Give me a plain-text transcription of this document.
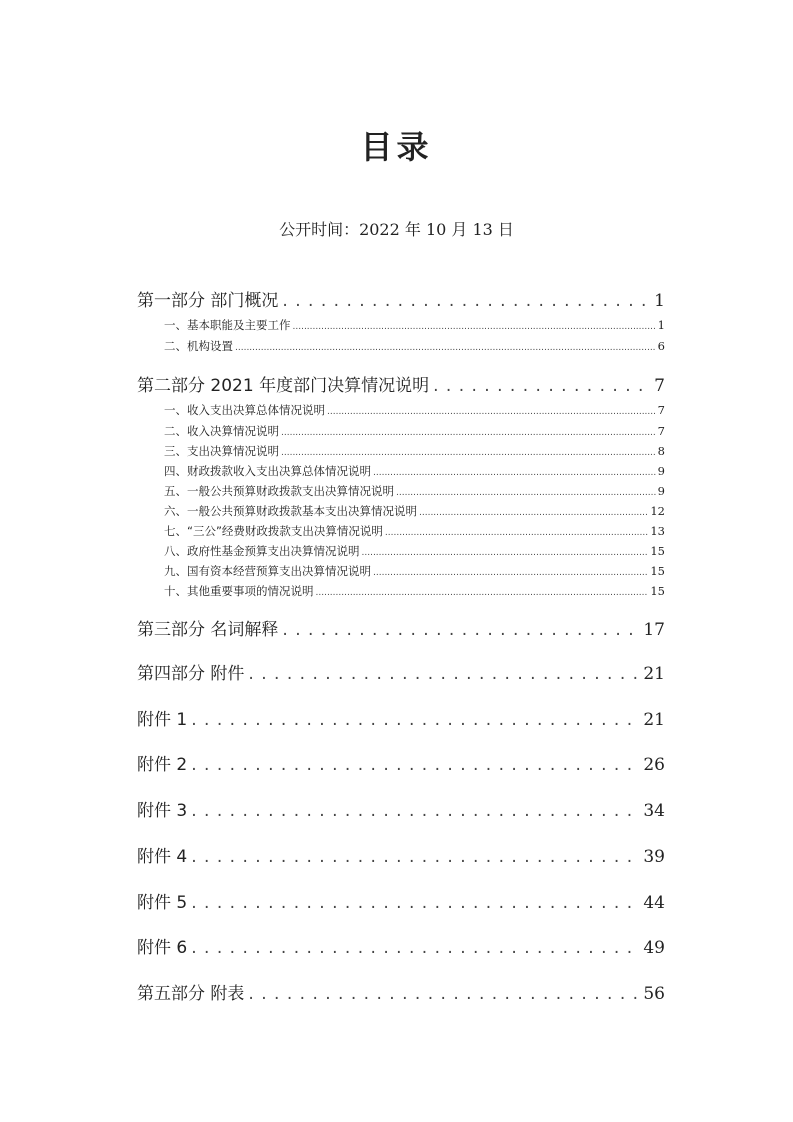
目录
公开时间：2022 年 10 月 13 日
第一部分 部门概况 . . .	1
一、基本职能及主要工作 .....	1
二、机构设置 .....	6
第二部分 2021 年度部门决算情况说明 . . .	7
一、收入支出决算总体情况说明 .....	7
二、收入决算情况说明 .....	7
三、支出决算情况说明 .....	8
四、财政拨款收入支出决算总体情况说明 .....	9
五、一般公共预算财政拨款支出决算情况说明 .....	9
六、一般公共预算财政拨款基本支出决算情况说明 .....	12
七、“三公”经费财政拨款支出决算情况说明 .....	13
八、政府性基金预算支出决算情况说明 .....	15
九、国有资本经营预算支出决算情况说明 .....	15
十、其他重要事项的情况说明 .....	15
第三部分 名词解释 . . .	17
第四部分 附件 . . .	21
附件 1 . . .	21
附件 2 . . .	26
附件 3 . . .	34
附件 4 . . .	39
附件 5 . . .	44
附件 6 . . .	49
第五部分 附表 . . .	56
